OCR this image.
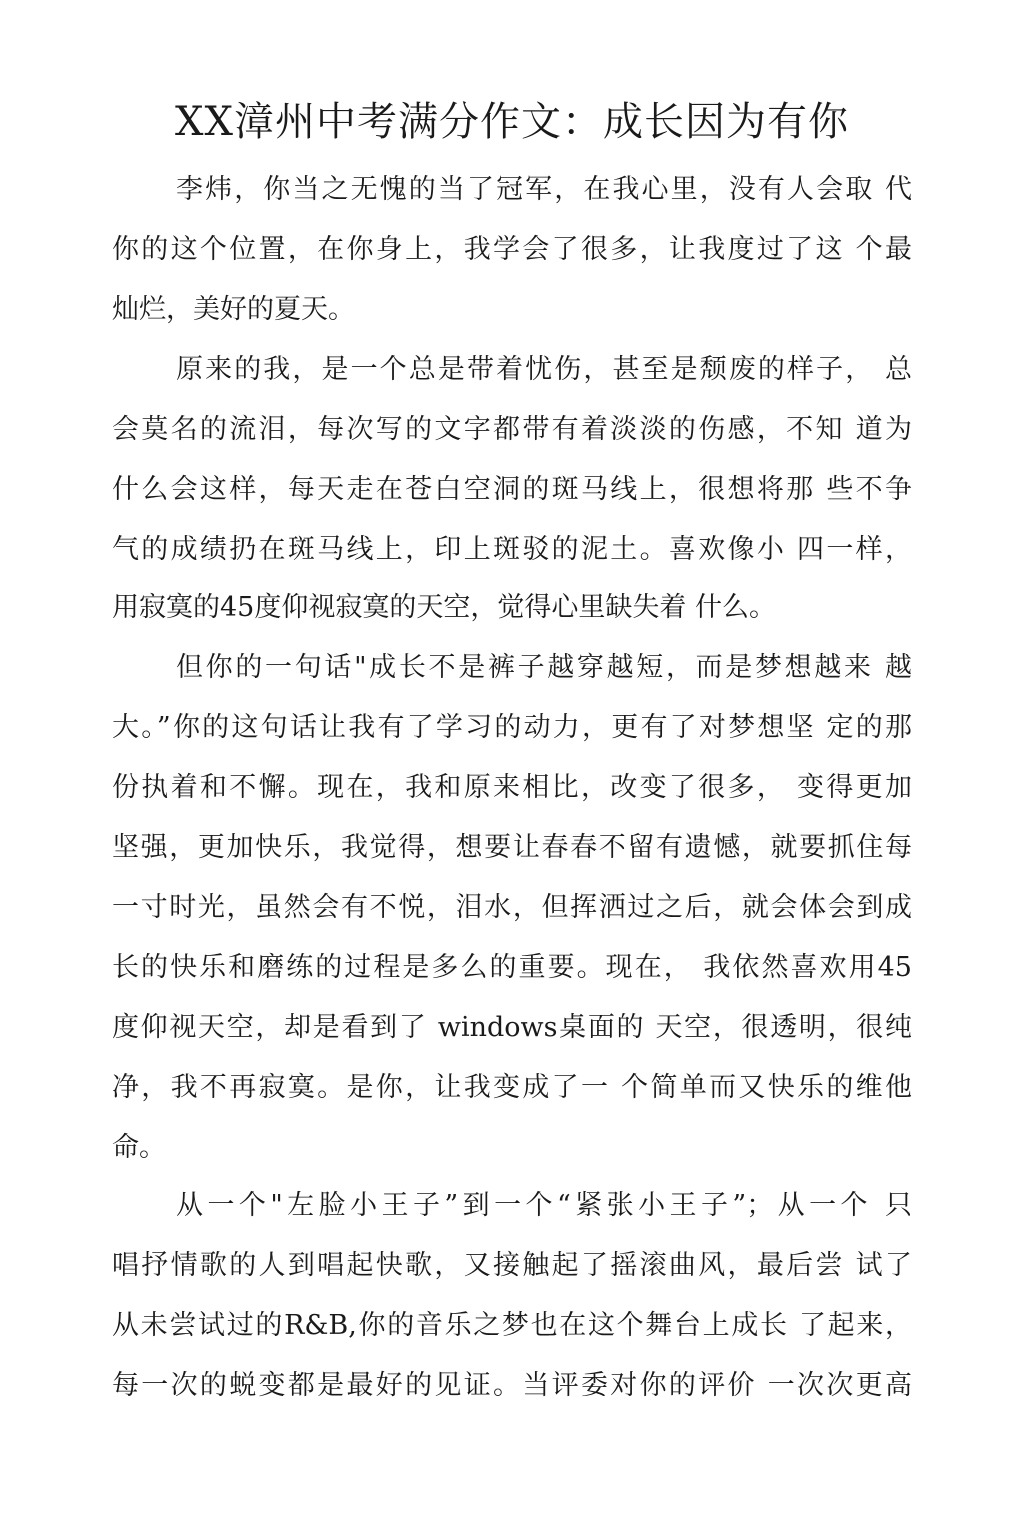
XX漳州中考满分作文：成长因为有你
李炜，你当之无愧的当了冠军，在我心里，没有人会取 代
你的这个位置，在你身上，我学会了很多，让我度过了这 个最
灿烂，美好的夏天。
原来的我，是一个总是带着忧伤，甚至是颓废的样子， 总
会莫名的流泪，每次写的文字都带有着淡淡的伤感，不知 道为
什么会这样，每天走在苍白空洞的斑马线上，很想将那 些不争
气的成绩扔在斑马线上，印上斑驳的泥土。喜欢像小 四一样，
用寂寞的45度仰视寂寞的天空，觉得心里缺失着 什么。
但你的一句话"成长不是裤子越穿越短，而是梦想越来 越
大。”你的这句话让我有了学习的动力，更有了对梦想坚 定的那
份执着和不懈。现在，我和原来相比，改变了很多， 变得更加
坚强，更加快乐，我觉得，想要让春春不留有遗憾，就要抓住每
一寸时光，虽然会有不悦，泪水，但挥洒过之后，就会体会到成
长的快乐和磨练的过程是多么的重要。现在， 我依然喜欢用45
度仰视天空，却是看到了 windows桌面的 天空，很透明，很纯
净，我不再寂寞。是你，让我变成了一 个简单而又快乐的维他
命。
从一个"左脸小王子”到一个“紧张小王子”；从一个 只
唱抒情歌的人到唱起快歌，又接触起了摇滚曲风，最后尝 试了
从未尝试过的R&B,你的音乐之梦也在这个舞台上成长 了起来，
每一次的蜕变都是最好的见证。当评委对你的评价 一次次更高
